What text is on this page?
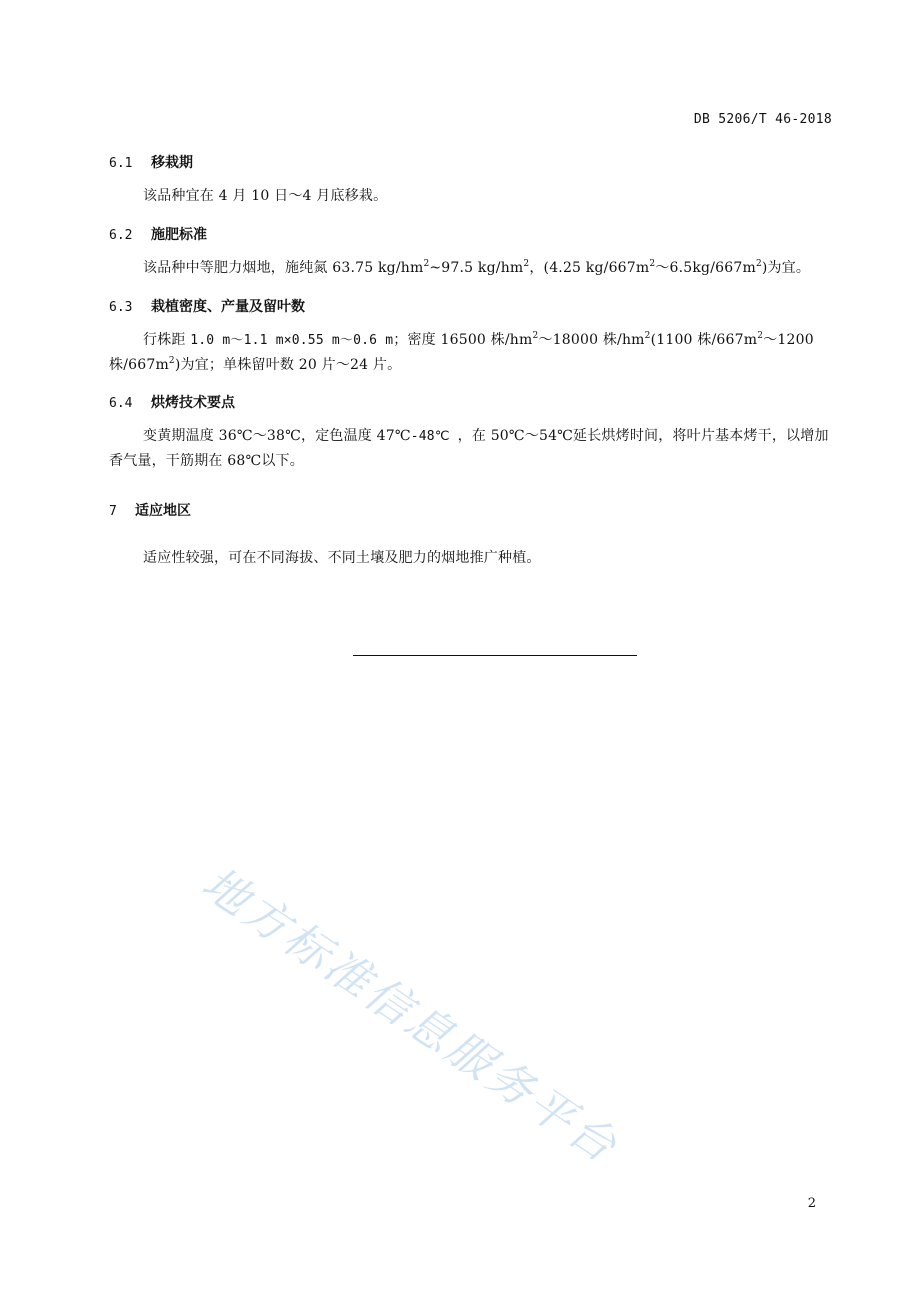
DB 5206/T 46-2018
6.1 移栽期
该品种宜在 4 月 10 日～4 月底移栽。
6.2 施肥标准
该品种中等肥力烟地，施纯氮 63.75 $kg/hm^2\sim 97.5$ $kg/hm^2$，(4.25 $kg/667m^2\sim 6.5kg/667m^2$)为宜。
6.3 栽植密度、产量及留叶数
行株距 1.0 m～1.1 m×0.55 m～0.6 m；密度 16500 株$/hm^2\sim 18000$ 株$/hm^2(1100$ 株$/667m^2\sim 1200$ 株$/667m^2$)为宜；单株留叶数 20 片～24 片。
6.4 烘烤技术要点
变黄期温度 36℃～38℃，定色温度 47℃-48℃ ，在 50℃～54℃延长烘烤时间，将叶片基本烤干，以增加香气量，干筋期在 68℃以下。
7 适应地区
适应性较强，可在不同海拔、不同土壤及肥力的烟地推广种植。
地方标准信息服务平台
2
